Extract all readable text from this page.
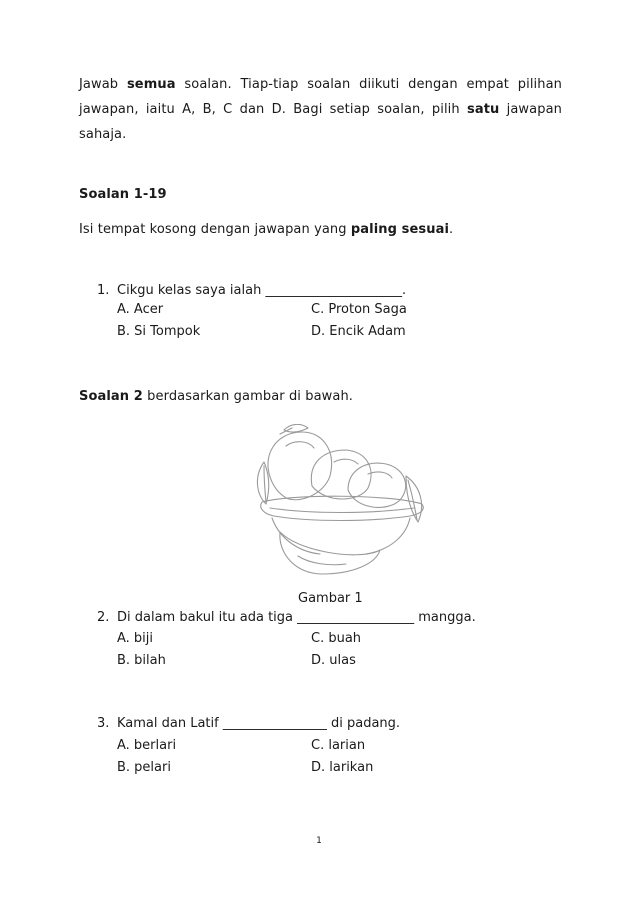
Jawab semua soalan. Tiap-tiap soalan diikuti dengan empat pilihan jawapan, iaitu A, B, C dan D. Bagi setiap soalan, pilih satu jawapan sahaja.
Soalan 1-19
Isi tempat kosong dengan jawapan yang paling sesuai.
1. Cikgu kelas saya ialah _____________________.
A. Acer	C. Proton Saga
B. Si Tompok	D. Encik Adam
Soalan 2 berdasarkan gambar di bawah.
Gambar 1
2. Di dalam bakul itu ada tiga __________________ mangga.
A. biji	C. buah
B. bilah	D. ulas
3. Kamal dan Latif ________________ di padang.
A. berlari	C. larian
B. pelari	D. larikan
1
